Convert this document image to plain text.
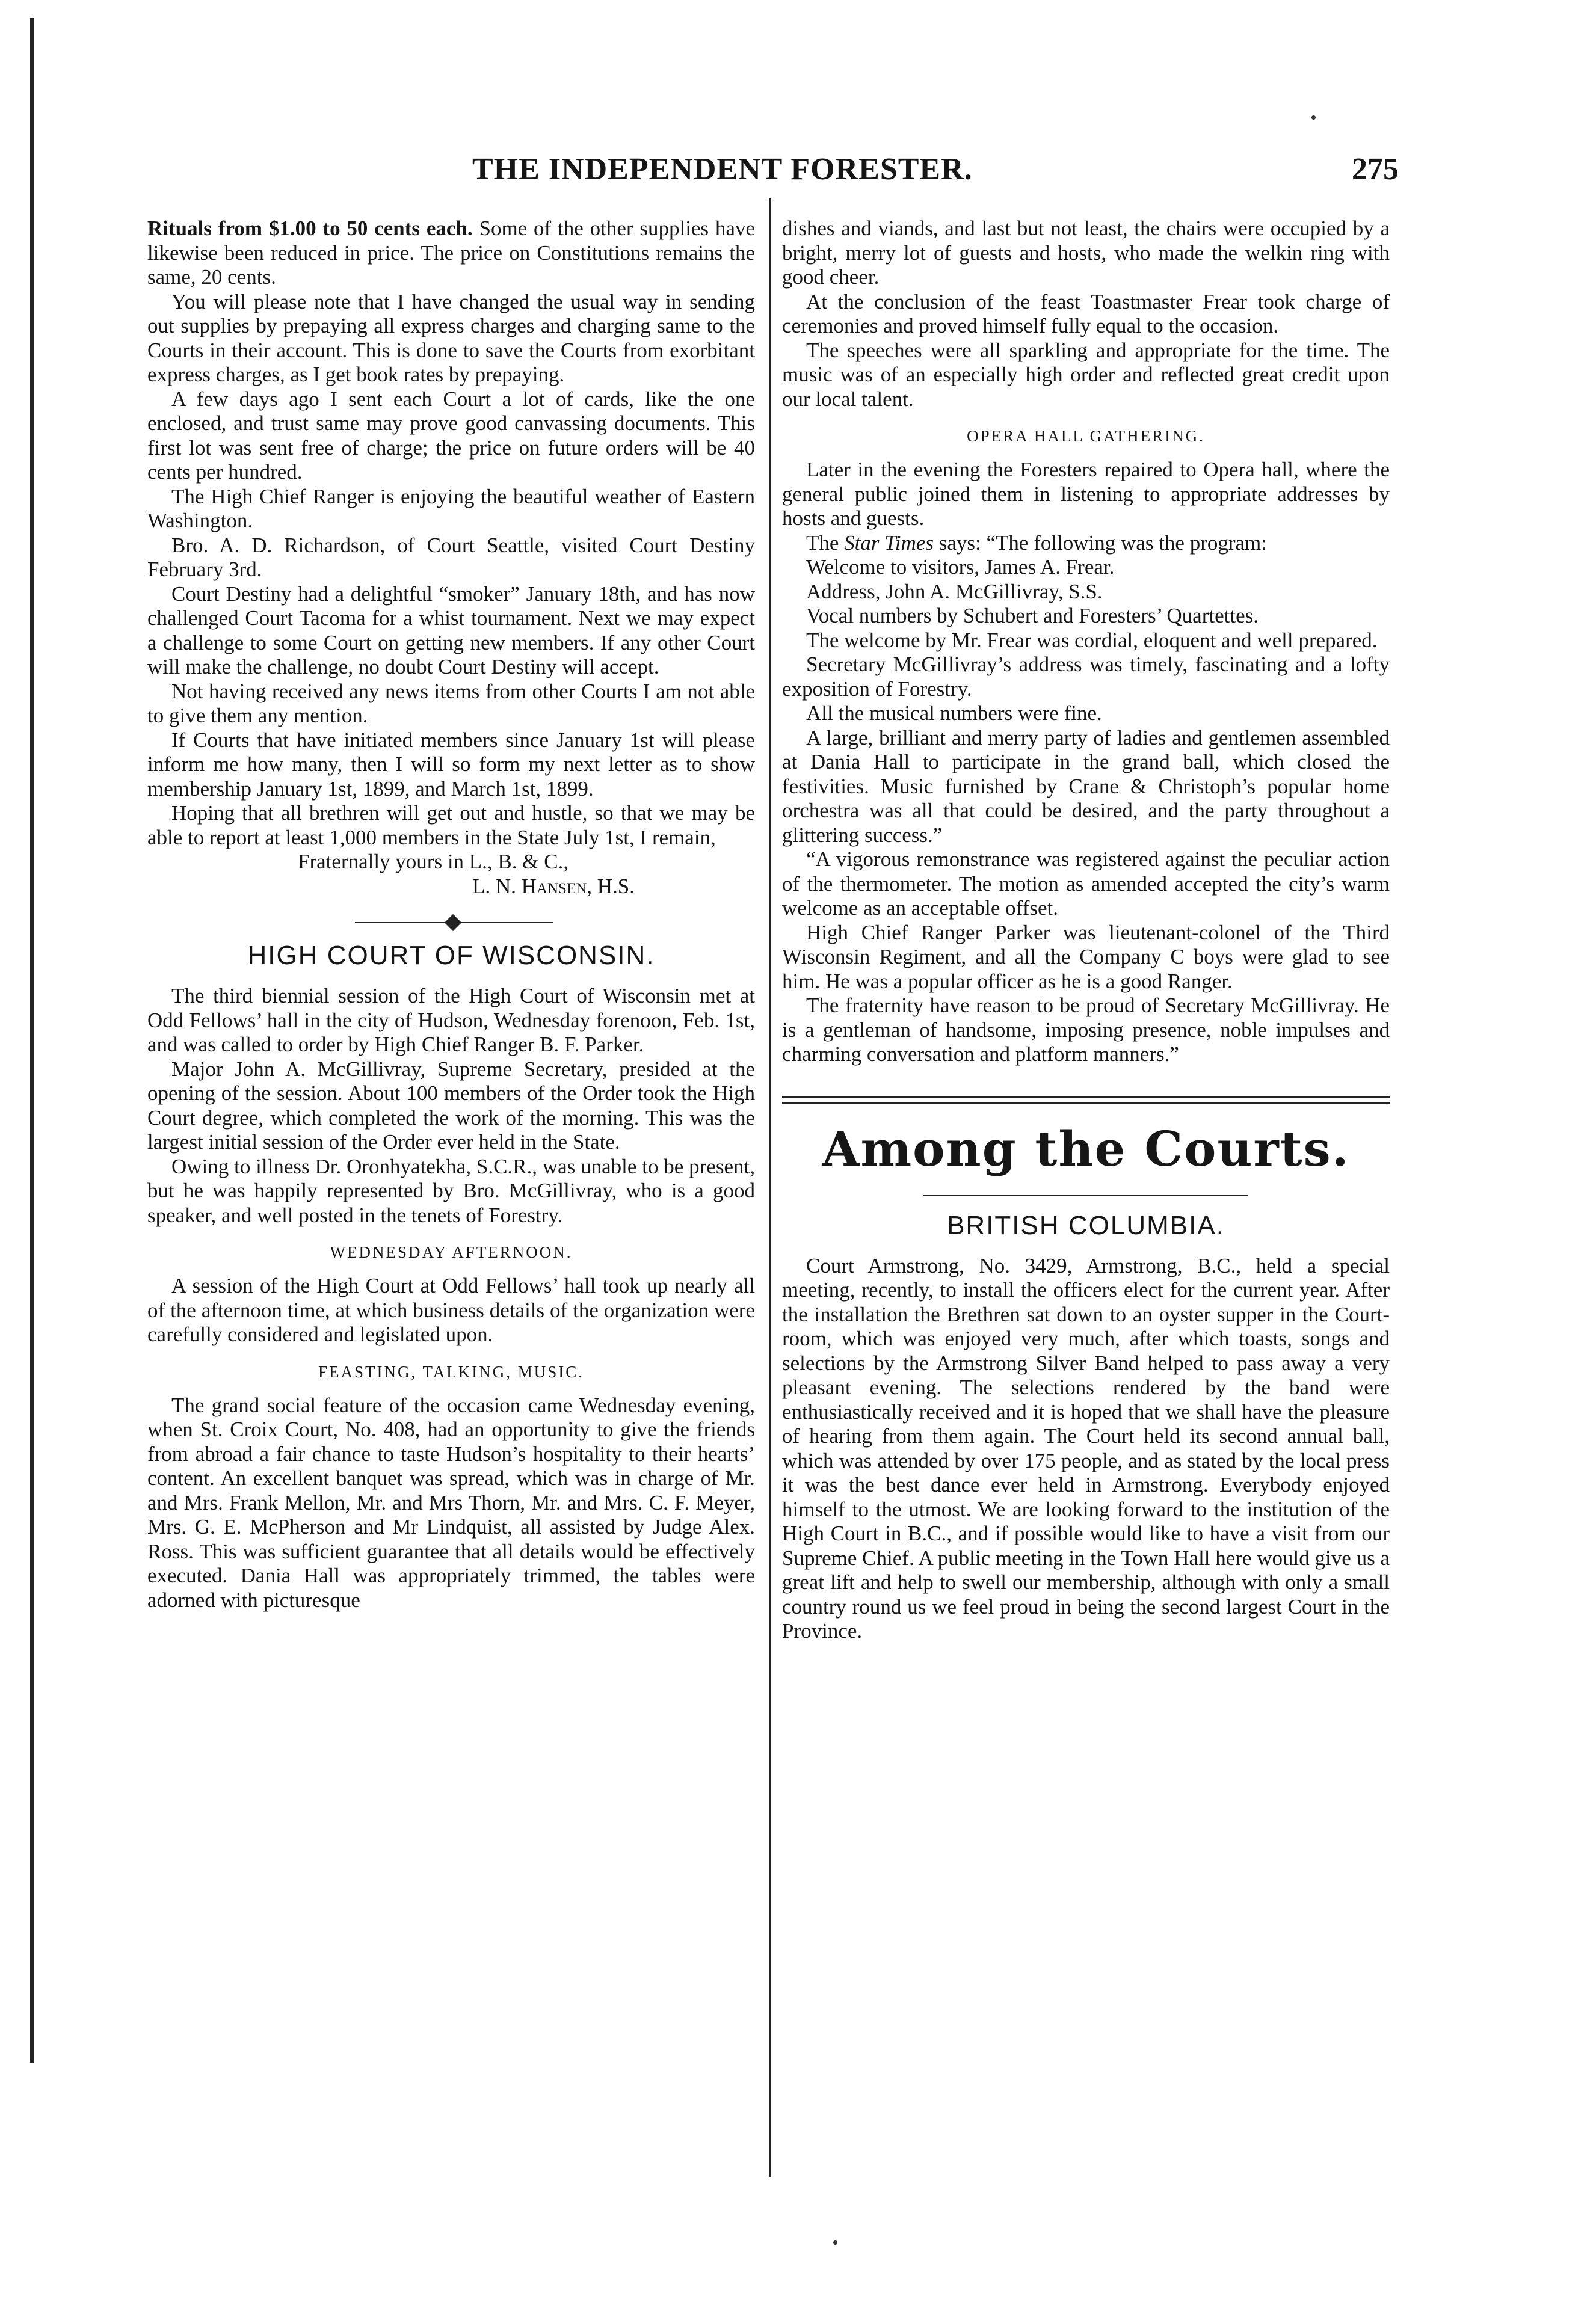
THE INDEPENDENT FORESTER.	275

Rituals from $1.00 to 50 cents each. Some of the other supplies have likewise been reduced in price. The price on Constitutions remains the same, 20 cents.

You will please note that I have changed the usual way in sending out supplies by prepaying all express charges and charging same to the Courts in their account. This is done to save the Courts from exorbitant express charges, as I get book rates by prepaying.

A few days ago I sent each Court a lot of cards, like the one enclosed, and trust same may prove good canvassing documents. This first lot was sent free of charge; the price on future orders will be 40 cents per hundred.

The High Chief Ranger is enjoying the beautiful weather of Eastern Washington.

Bro. A. D. Richardson, of Court Seattle, visited Court Destiny February 3rd.

Court Destiny had a delightful “smoker” January 18th, and has now challenged Court Tacoma for a whist tournament. Next we may expect a challenge to some Court on getting new members. If any other Court will make the challenge, no doubt Court Destiny will accept.

Not having received any news items from other Courts I am not able to give them any mention.

If Courts that have initiated members since January 1st will please inform me how many, then I will so form my next letter as to show membership January 1st, 1899, and March 1st, 1899.

Hoping that all brethren will get out and hustle, so that we may be able to report at least 1,000 members in the State July 1st, I remain,

Fraternally yours in L., B. & C.,

L. N. Hansen, H.S.

HIGH COURT OF WISCONSIN.

The third biennial session of the High Court of Wisconsin met at Odd Fellows’ hall in the city of Hudson, Wednesday forenoon, Feb. 1st, and was called to order by High Chief Ranger B. F. Parker.

Major John A. McGillivray, Supreme Secretary, presided at the opening of the session. About 100 members of the Order took the High Court degree, which completed the work of the morning. This was the largest initial session of the Order ever held in the State.

Owing to illness Dr. Oronhyatekha, S.C.R., was unable to be present, but he was happily represented by Bro. McGillivray, who is a good speaker, and well posted in the tenets of Forestry.

WEDNESDAY AFTERNOON.

A session of the High Court at Odd Fellows’ hall took up nearly all of the afternoon time, at which business details of the organization were carefully considered and legislated upon.

FEASTING, TALKING, MUSIC.

The grand social feature of the occasion came Wednesday evening, when St. Croix Court, No. 408, had an opportunity to give the friends from abroad a fair chance to taste Hudson’s hospitality to their hearts’ content. An excellent banquet was spread, which was in charge of Mr. and Mrs. Frank Mellon, Mr. and Mrs Thorn, Mr. and Mrs. C. F. Meyer, Mrs. G. E. McPherson and Mr Lindquist, all assisted by Judge Alex. Ross. This was sufficient guarantee that all details would be effectively executed. Dania Hall was appropriately trimmed, the tables were adorned with picturesque

dishes and viands, and last but not least, the chairs were occupied by a bright, merry lot of guests and hosts, who made the welkin ring with good cheer.

At the conclusion of the feast Toastmaster Frear took charge of ceremonies and proved himself fully equal to the occasion.

The speeches were all sparkling and appropriate for the time. The music was of an especially high order and reflected great credit upon our local talent.

OPERA HALL GATHERING.

Later in the evening the Foresters repaired to Opera hall, where the general public joined them in listening to appropriate addresses by hosts and guests.

The Star Times says: “The following was the program:

Welcome to visitors, James A. Frear.

Address, John A. McGillivray, S.S.

Vocal numbers by Schubert and Foresters’ Quartettes.

The welcome by Mr. Frear was cordial, eloquent and well prepared.

Secretary McGillivray’s address was timely, fascinating and a lofty exposition of Forestry.

All the musical numbers were fine.

A large, brilliant and merry party of ladies and gentlemen assembled at Dania Hall to participate in the grand ball, which closed the festivities. Music furnished by Crane & Christoph’s popular home orchestra was all that could be desired, and the party throughout a glittering success.”

“A vigorous remonstrance was registered against the peculiar action of the thermometer. The motion as amended accepted the city’s warm welcome as an acceptable offset.

High Chief Ranger Parker was lieutenant-colonel of the Third Wisconsin Regiment, and all the Company C boys were glad to see him. He was a popular officer as he is a good Ranger.

The fraternity have reason to be proud of Secretary McGillivray. He is a gentleman of handsome, imposing presence, noble impulses and charming conversation and platform manners.”

Among the Courts.
BRITISH COLUMBIA.

Court Armstrong, No. 3429, Armstrong, B.C., held a special meeting, recently, to install the officers elect for the current year. After the installation the Brethren sat down to an oyster supper in the Court-room, which was enjoyed very much, after which toasts, songs and selections by the Armstrong Silver Band helped to pass away a very pleasant evening. The selections rendered by the band were enthusiastically received and it is hoped that we shall have the pleasure of hearing from them again. The Court held its second annual ball, which was attended by over 175 people, and as stated by the local press it was the best dance ever held in Armstrong. Everybody enjoyed himself to the utmost. We are looking forward to the institution of the High Court in B.C., and if possible would like to have a visit from our Supreme Chief. A public meeting in the Town Hall here would give us a great lift and help to swell our membership, although with only a small country round us we feel proud in being the second largest Court in the Province.
